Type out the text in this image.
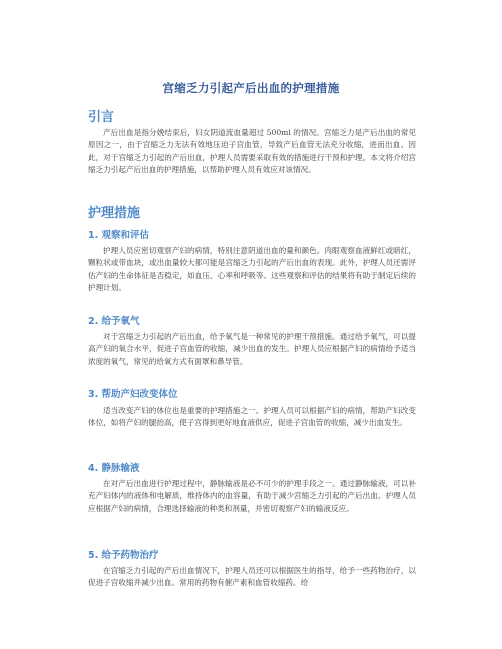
宫缩乏力引起产后出血的护理措施
引言

产后出血是指分娩结束后，妇女阴道流血量超过 500ml 的情况。宫缩乏力是产后出血的常见原因之一，由于宫缩乏力无法有效地压迫子宫血管，导致产后血管无法充分收缩，进而出血。因此，对于宫缩乏力引起的产后出血，护理人员需要采取有效的措施进行干预和护理。本文将介绍宫缩乏力引起产后出血的护理措施，以帮助护理人员有效应对该情况。

护理措施
1. 观察和评估

护理人员应密切观察产妇的病情，特别注意阴道出血的量和颜色。肉眼观察血液鲜红或暗红，颗粒状或带血块，或出血量较大都可能是宫缩乏力引起的产后出血的表现。此外，护理人员还需评估产妇的生命体征是否稳定，如血压、心率和呼吸等。这些观察和评估的结果将有助于制定后续的护理计划。

2. 给予氧气

对于宫缩乏力引起的产后出血，给予氧气是一种常见的护理干预措施。通过给予氧气，可以提高产妇的氧合水平，促进子宫血管的收缩，减少出血的发生。护理人员应根据产妇的病情给予适当浓度的氧气，常见的给氧方式有面罩和鼻导管。

3. 帮助产妇改变体位

适当改变产妇的体位也是重要的护理措施之一。护理人员可以根据产妇的病情，帮助产妇改变体位，如将产妇的腿抬高，使子宫得到更好地血液供应，促进子宫血管的收缩，减少出血发生。

4. 静脉输液

在对产后出血进行护理过程中，静脉输液是必不可少的护理手段之一。通过静脉输液，可以补充产妇体内的液体和电解质，维持体内的血容量，有助于减少宫缩乏力引起的产后出血。护理人员应根据产妇的病情，合理选择输液的种类和剂量，并密切观察产妇的输液反应。

5. 给予药物治疗

在宫缩乏力引起的产后出血情况下，护理人员还可以根据医生的指导，给予一些药物治疗，以促进子宫收缩并减少出血。常用的药物有催产素和血管收缩药。给
